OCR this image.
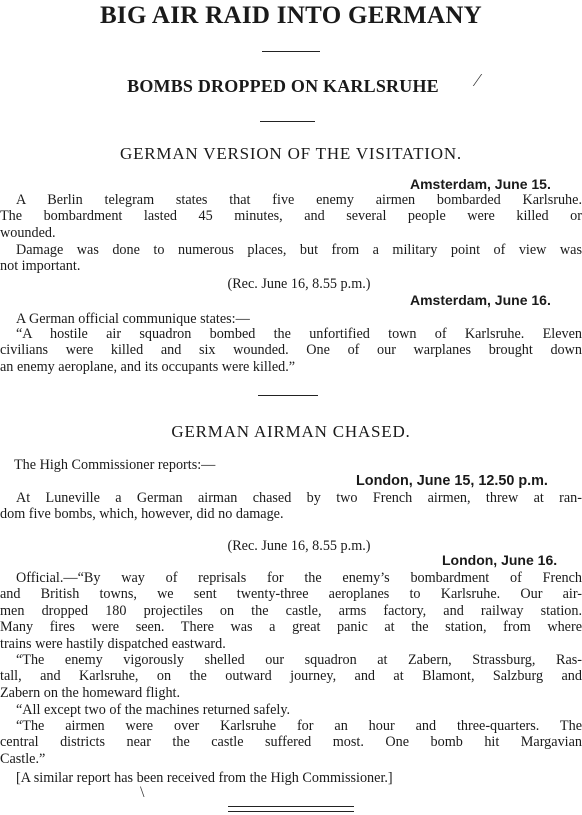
BIG AIR RAID INTO GERMANY
BOMBS DROPPED ON KARLSRUHE	⁄
GERMAN VERSION OF THE VISITATION.
Amsterdam, June 15.
A Berlin telegram states that five enemy airmen bombarded Karlsruhe.
The bombardment lasted 45 minutes, and several people were killed or
wounded.
Damage was done to numerous places, but from a military point of view was
not important.
(Rec. June 16, 8.55 p.m.)
Amsterdam, June 16.
A German official communique states:—
“A hostile air squadron bombed the unfortified town of Karlsruhe. Eleven
civilians were killed and six wounded. One of our warplanes brought down
an enemy aeroplane, and its occupants were killed.”
GERMAN AIRMAN CHASED.
The High Commissioner reports:—
London, June 15, 12.50 p.m.
At Luneville a German airman chased by two French airmen, threw at ran-
dom five bombs, which, however, did no damage.
(Rec. June 16, 8.55 p.m.)
London, June 16.
Official.—“By way of reprisals for the enemy’s bombardment of French
and British towns, we sent twenty-three aeroplanes to Karlsruhe. Our air-
men dropped 180 projectiles on the castle, arms factory, and railway station.
Many fires were seen. There was a great panic at the station, from where
trains were hastily dispatched eastward.
“The enemy vigorously shelled our squadron at Zabern, Strassburg, Ras-
tall, and Karlsruhe, on the outward journey, and at Blamont, Salzburg and
Zabern on the homeward flight.
“All except two of the machines returned safely.
“The airmen were over Karlsruhe for an hour and three-quarters. The
central districts near the castle suffered most. One bomb hit Margavian
Castle.”
[A similar report has been received from the High Commissioner.]
\
